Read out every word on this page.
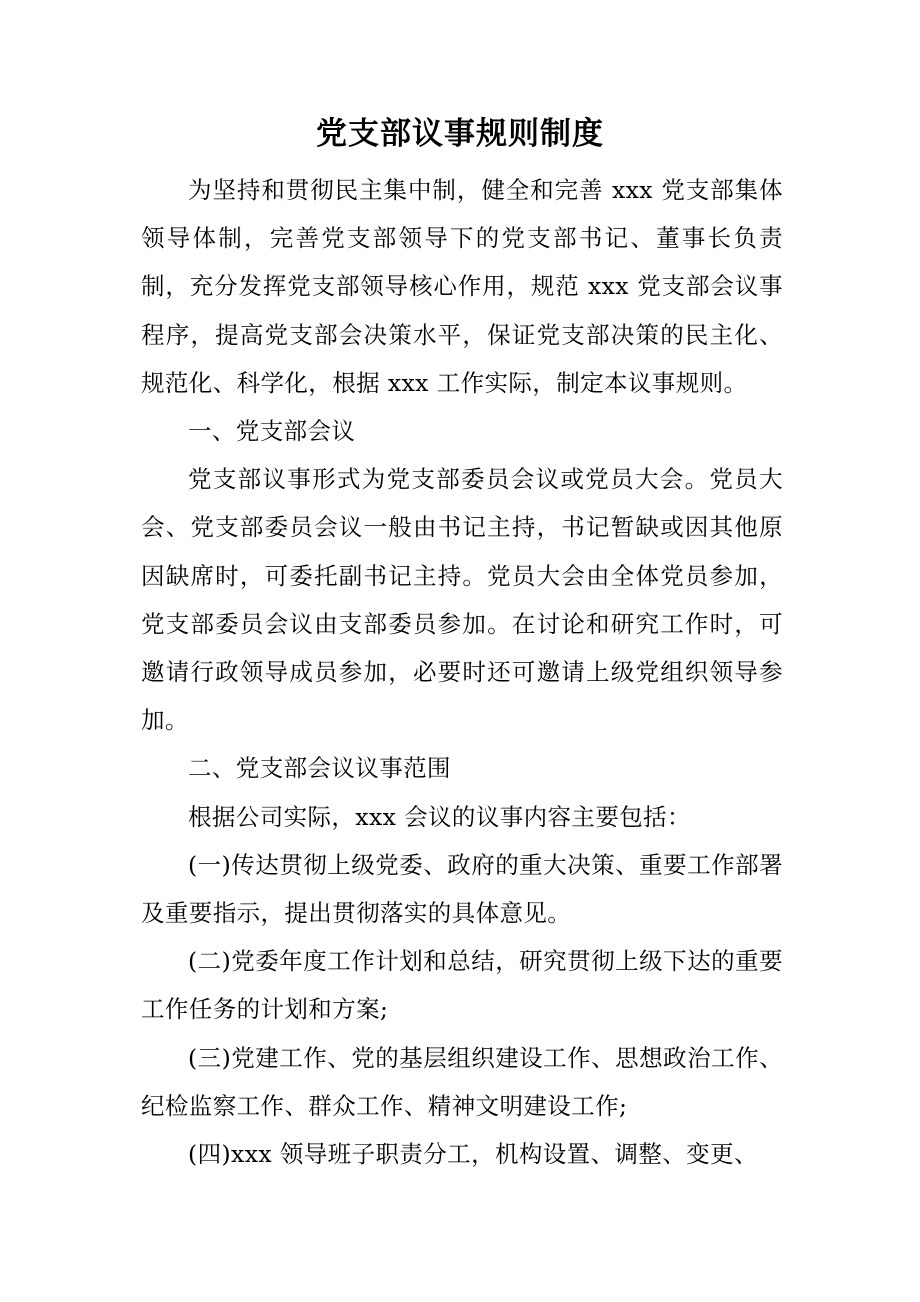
党支部议事规则制度

为坚持和贯彻民主集中制，健全和完善 xxx 党支部集体领导体制，完善党支部领导下的党支部书记、董事长负责制，充分发挥党支部领导核心作用，规范 xxx 党支部会议事程序，提高党支部会决策水平，保证党支部决策的民主化、规范化、科学化，根据 xxx 工作实际，制定本议事规则。

一、党支部会议

党支部议事形式为党支部委员会议或党员大会。党员大会、党支部委员会议一般由书记主持，书记暂缺或因其他原因缺席时，可委托副书记主持。党员大会由全体党员参加，党支部委员会议由支部委员参加。在讨论和研究工作时，可邀请行政领导成员参加，必要时还可邀请上级党组织领导参加。

二、党支部会议议事范围

根据公司实际，xxx 会议的议事内容主要包括：

(一)传达贯彻上级党委、政府的重大决策、重要工作部署及重要指示，提出贯彻落实的具体意见。

(二)党委年度工作计划和总结，研究贯彻上级下达的重要工作任务的计划和方案;

(三)党建工作、党的基层组织建设工作、思想政治工作、纪检监察工作、群众工作、精神文明建设工作;

(四)xxx 领导班子职责分工，机构设置、调整、变更、
